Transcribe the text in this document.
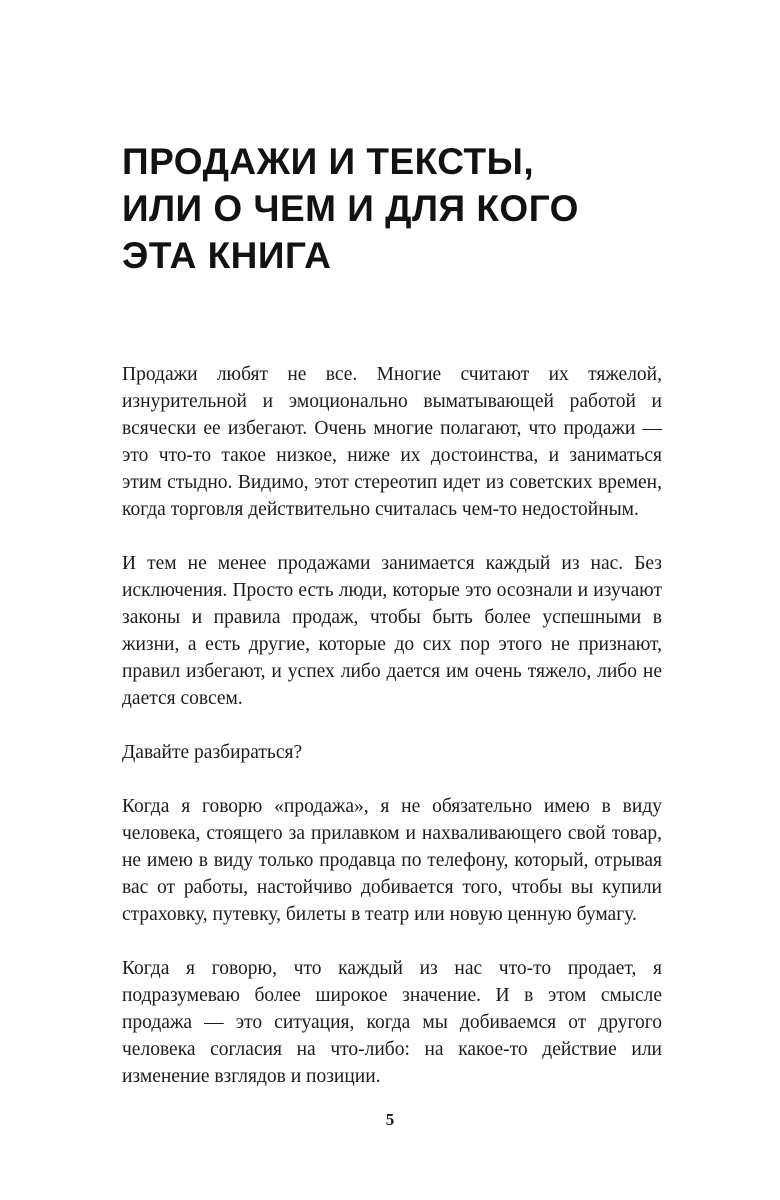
ПРОДАЖИ И ТЕКСТЫ,
ИЛИ О ЧЕМ И ДЛЯ КОГО
ЭТА КНИГА

Продажи любят не все. Многие считают их тяжелой, изнурительной и эмоционально выматывающей работой и всячески ее избегают. Очень многие полагают, что продажи — это что-то такое низкое, ниже их достоинства, и заниматься этим стыдно. Видимо, этот стереотип идет из советских времен, когда торговля действительно считалась чем-то недостойным.

И тем не менее продажами занимается каждый из нас. Без исключения. Просто есть люди, которые это осознали и изучают законы и правила продаж, чтобы быть более успешными в жизни, а есть другие, которые до сих пор этого не признают, правил избегают, и успех либо дается им очень тяжело, либо не дается совсем.

Давайте разбираться?

Когда я говорю «продажа», я не обязательно имею в виду человека, стоящего за прилавком и нахваливающего свой товар, не имею в виду только продавца по телефону, который, отрывая вас от работы, настойчиво добивается того, чтобы вы купили страховку, путевку, билеты в театр или новую ценную бумагу.

Когда я говорю, что каждый из нас что-то продает, я подразумеваю более широкое значение. И в этом смысле продажа — это ситуация, когда мы добиваемся от другого человека согласия на что-либо: на какое-то действие или изменение взглядов и позиции.

5
